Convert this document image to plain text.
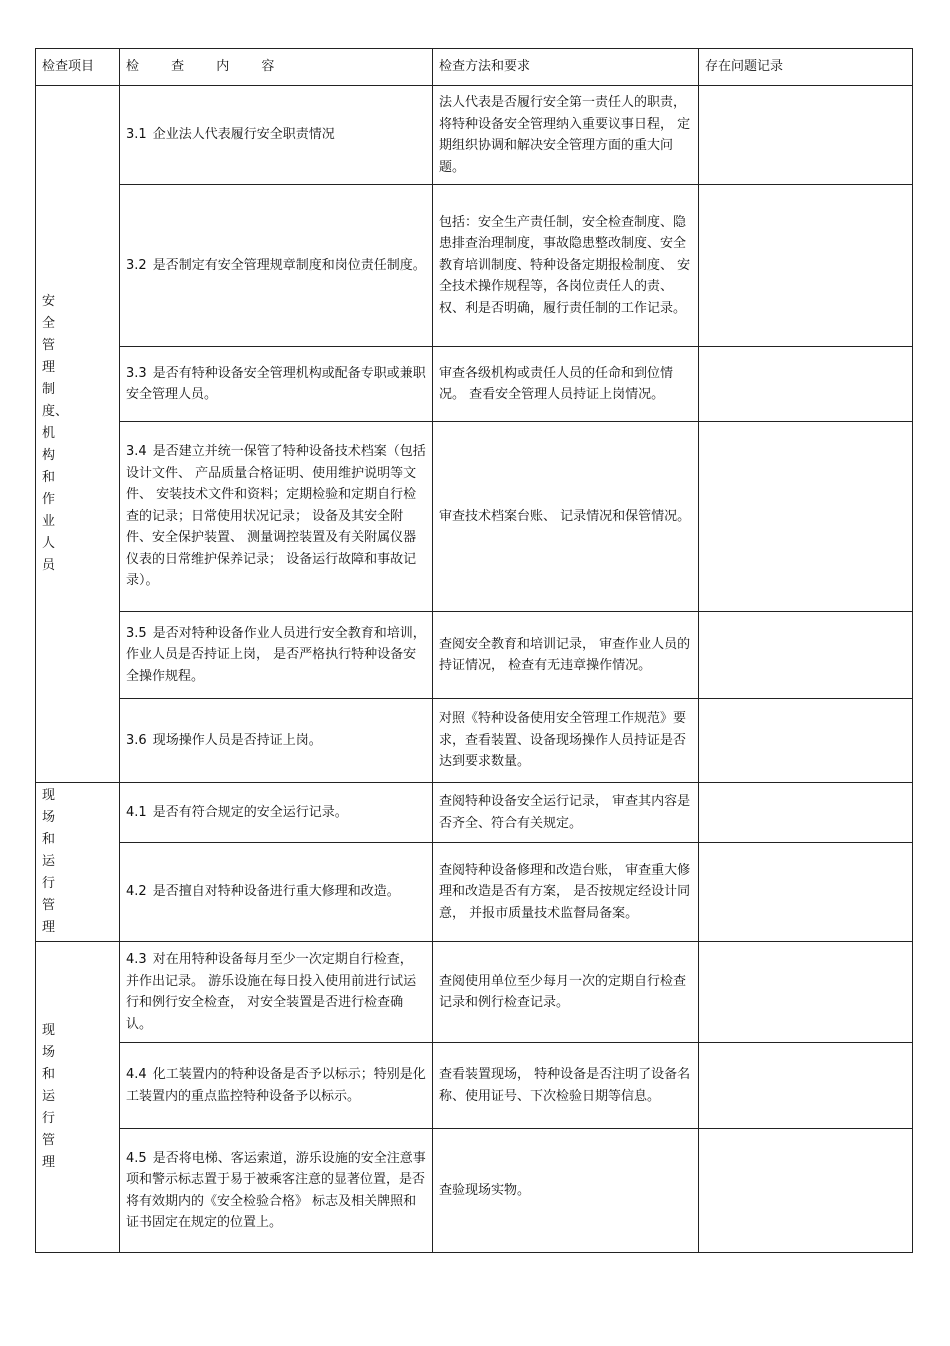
检查项目	检 查 内 容	检查方法和要求	存在问题记录
安全管理制度、机构和作业人员	3.1 企业法人代表履行安全职责情况	法人代表是否履行安全第一责任人的职责， 将特种设备安全管理纳入重要议事日程， 定期组织协调和解决安全管理方面的重大问题。	
	3.2 是否制定有安全管理规章制度和岗位责任制度。	包括：安全生产责任制，安全检查制度、隐患排查治理制度，事故隐患整改制度、安全教育培训制度、特种设备定期报检制度、 安全技术操作规程等，各岗位责任人的责、权、利是否明确，履行责任制的工作记录。	
	3.3 是否有特种设备安全管理机构或配备专职或兼职安全管理人员。	审查各级机构或责任人员的任命和到位情况。 查看安全管理人员持证上岗情况。	
	3.4 是否建立并统一保管了特种设备技术档案（包括设计文件、 产品质量合格证明、使用维护说明等文件、 安装技术文件和资料；定期检验和定期自行检查的记录；日常使用状况记录； 设备及其安全附件、安全保护装置、 测量调控装置及有关附属仪器仪表的日常维护保养记录； 设备运行故障和事故记录）。	审查技术档案台账、 记录情况和保管情况。	
	3.5 是否对特种设备作业人员进行安全教育和培训， 作业人员是否持证上岗， 是否严格执行特种设备安全操作规程。	查阅安全教育和培训记录， 审查作业人员的持证情况， 检查有无违章操作情况。	
	3.6 现场操作人员是否持证上岗。	对照《特种设备使用安全管理工作规范》要求，查看装置、设备现场操作人员持证是否达到要求数量。	
现场和运行管理	4.1 是否有符合规定的安全运行记录。	查阅特种设备安全运行记录， 审查其内容是否齐全、符合有关规定。	
	4.2 是否擅自对特种设备进行重大修理和改造。	查阅特种设备修理和改造台账， 审查重大修理和改造是否有方案， 是否按规定经设计同意， 并报市质量技术监督局备案。	
现场和运行管理	4.3 对在用特种设备每月至少一次定期自行检查， 并作出记录。 游乐设施在每日投入使用前进行试运行和例行安全检查， 对安全装置是否进行检查确认。	查阅使用单位至少每月一次的定期自行检查记录和例行检查记录。	
	4.4 化工装置内的特种设备是否予以标示；特别是化工装置内的重点监控特种设备予以标示。	查看装置现场， 特种设备是否注明了设备名称、使用证号、下次检验日期等信息。	
	4.5 是否将电梯、客运索道，游乐设施的安全注意事项和警示标志置于易于被乘客注意的显著位置，是否将有效期内的《安全检验合格》 标志及相关牌照和证书固定在规定的位置上。	查验现场实物。	
